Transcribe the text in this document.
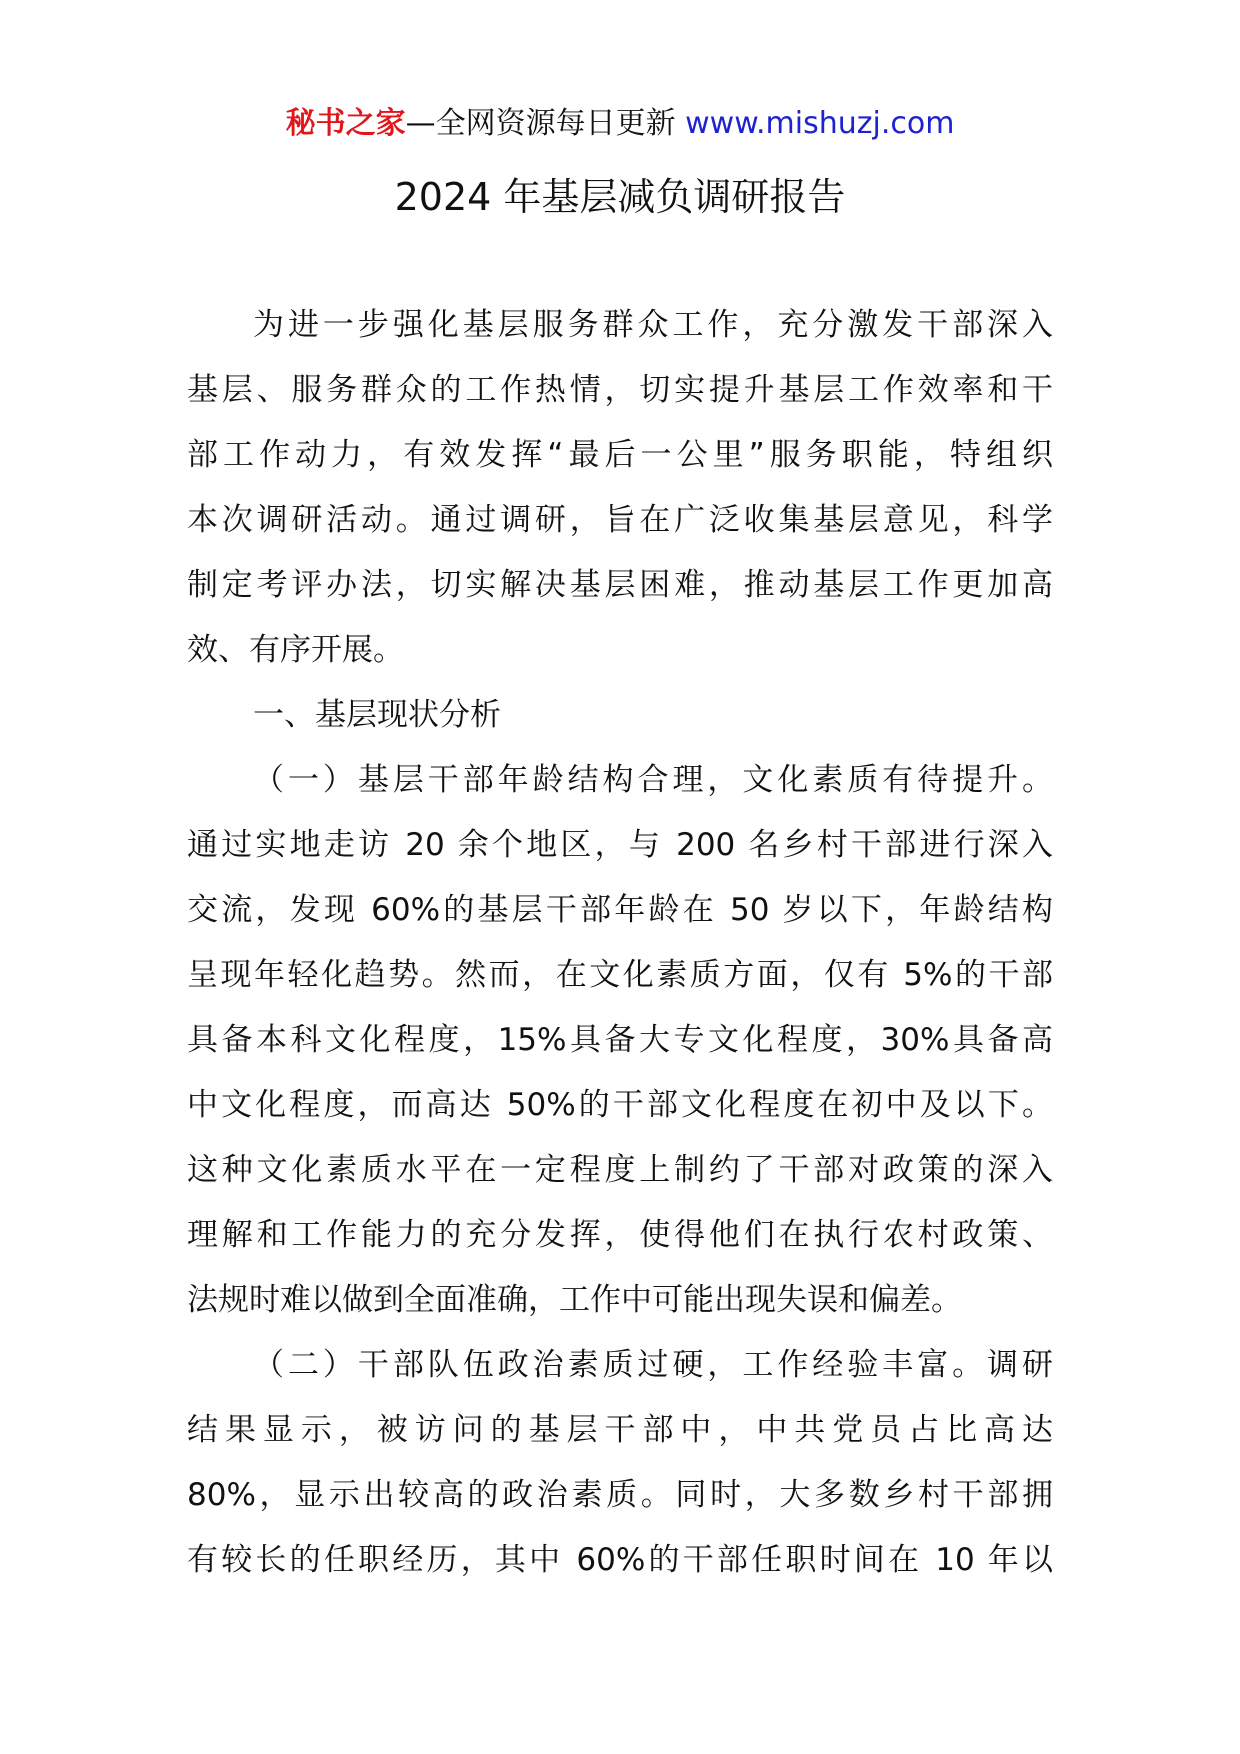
秘书之家—全网资源每日更新 www.mishuzj.com
2024 年基层减负调研报告
为进一步强化基层服务群众工作，充分激发干部深入
基层、服务群众的工作热情，切实提升基层工作效率和干
部工作动力，有效发挥“最后一公里”服务职能，特组织
本次调研活动。通过调研，旨在广泛收集基层意见，科学
制定考评办法，切实解决基层困难，推动基层工作更加高
效、有序开展。
一、基层现状分析
（一）基层干部年龄结构合理，文化素质有待提升。
通过实地走访 20 余个地区，与 200 名乡村干部进行深入
交流，发现 60%的基层干部年龄在 50 岁以下，年龄结构
呈现年轻化趋势。然而，在文化素质方面，仅有 5%的干部
具备本科文化程度，15%具备大专文化程度，30%具备高
中文化程度，而高达 50%的干部文化程度在初中及以下。
这种文化素质水平在一定程度上制约了干部对政策的深入
理解和工作能力的充分发挥，使得他们在执行农村政策、
法规时难以做到全面准确，工作中可能出现失误和偏差。
（二）干部队伍政治素质过硬，工作经验丰富。调研
结果显示，被访问的基层干部中，中共党员占比高达
80%，显示出较高的政治素质。同时，大多数乡村干部拥
有较长的任职经历，其中 60%的干部任职时间在 10 年以
